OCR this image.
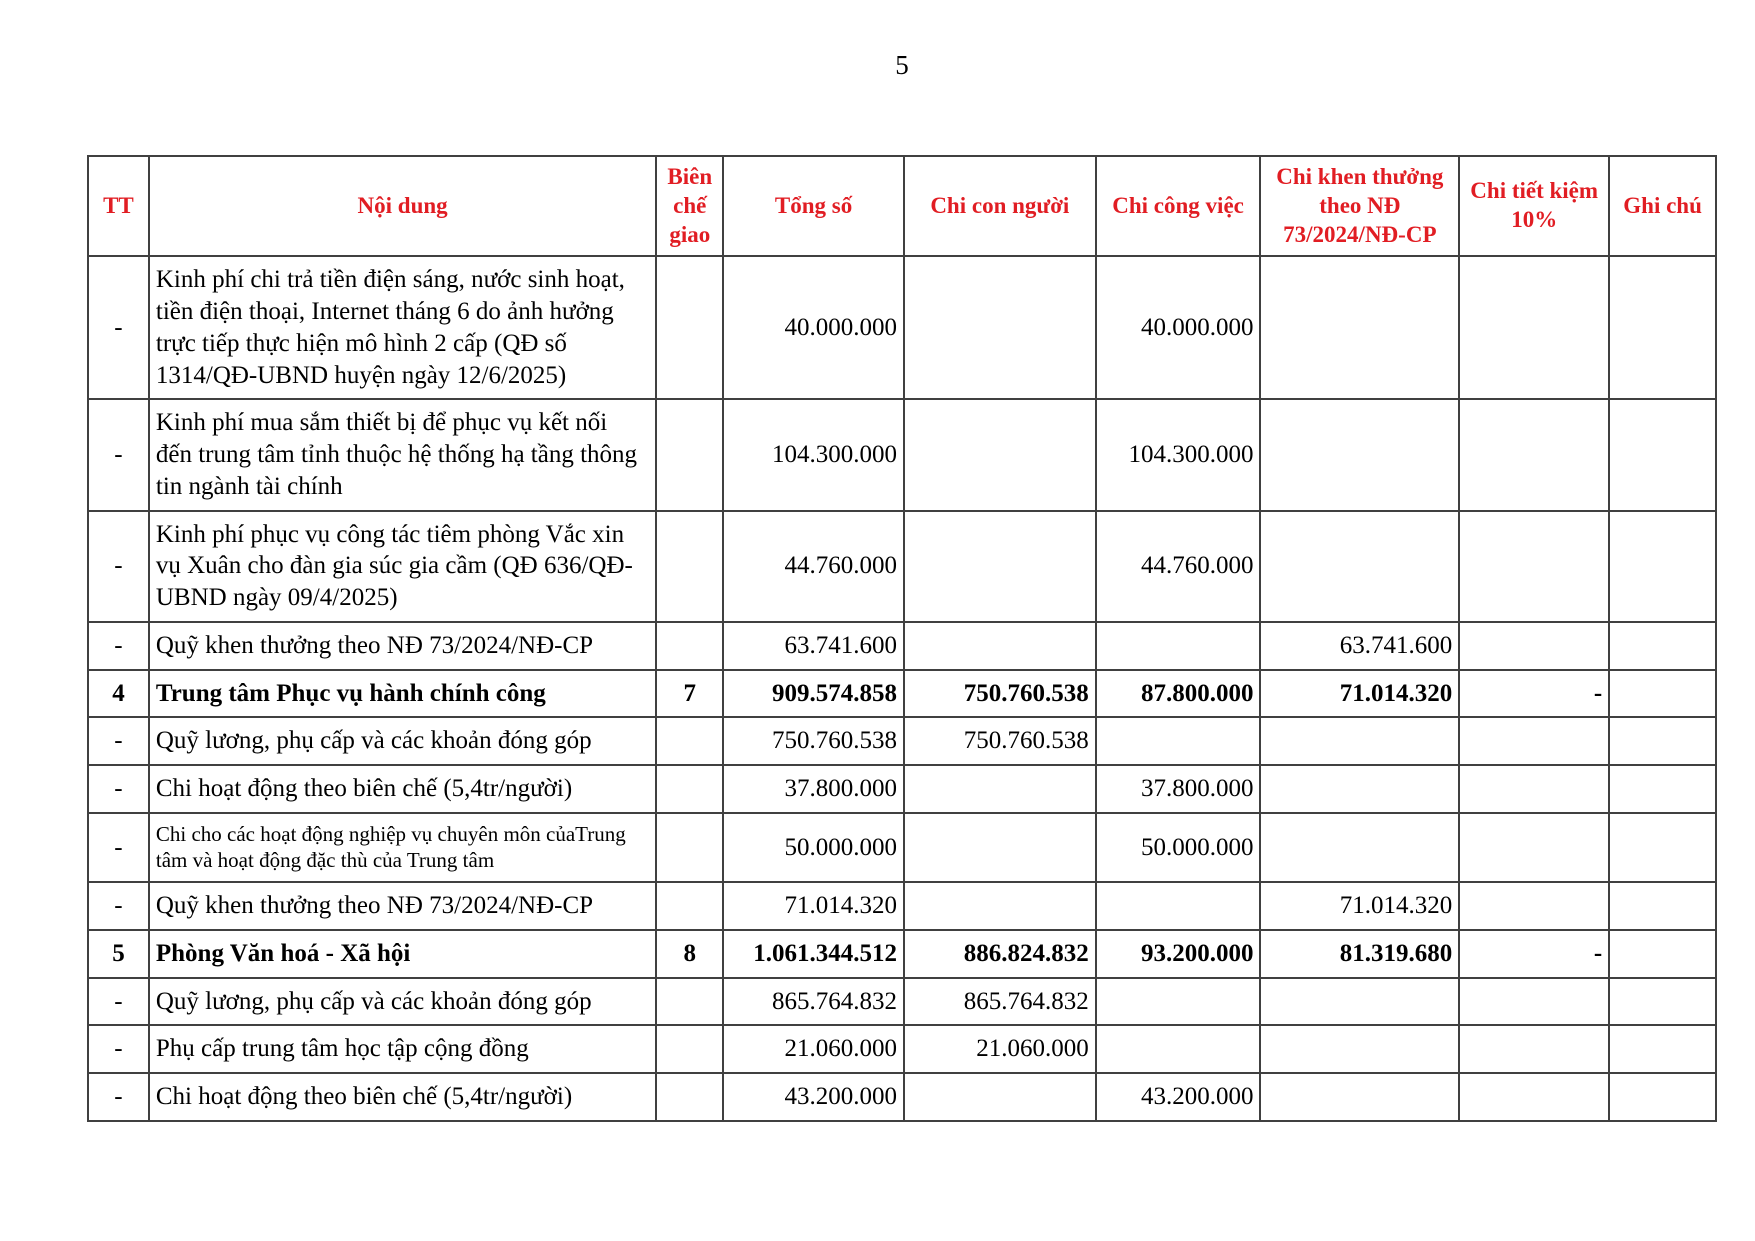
5
TT	Nội dung	Biên chế giao	Tổng số	Chi con người	Chi công việc	Chi khen thưởng theo NĐ 73/2024/NĐ-CP	Chi tiết kiệm 10%	Ghi chú
-	Kinh phí chi trả tiền điện sáng, nước sinh hoạt, tiền điện thoại, Internet tháng 6 do ảnh hưởng trực tiếp thực hiện mô hình 2 cấp (QĐ số 1314/QĐ-UBND huyện ngày 12/6/2025)		40.000.000		40.000.000			
-	Kinh phí mua sắm thiết bị để phục vụ kết nối đến trung tâm tỉnh thuộc hệ thống hạ tầng thông tin ngành tài chính		104.300.000		104.300.000			
-	Kinh phí phục vụ công tác tiêm phòng Vắc xin vụ Xuân cho đàn gia súc gia cầm (QĐ 636/QĐ-UBND ngày 09/4/2025)		44.760.000		44.760.000			
-	Quỹ khen thưởng theo NĐ 73/2024/NĐ-CP		63.741.600			63.741.600		
4	Trung tâm Phục vụ hành chính công	7	909.574.858	750.760.538	87.800.000	71.014.320	-	
-	Quỹ lương, phụ cấp và các khoản đóng góp		750.760.538	750.760.538				
-	Chi hoạt động theo biên chế (5,4tr/người)		37.800.000		37.800.000			
-	Chi cho các hoạt động nghiệp vụ chuyên môn củaTrung tâm và hoạt động đặc thù của Trung tâm		50.000.000		50.000.000			
-	Quỹ khen thưởng theo NĐ 73/2024/NĐ-CP		71.014.320			71.014.320		
5	Phòng Văn hoá - Xã hội	8	1.061.344.512	886.824.832	93.200.000	81.319.680	-	
-	Quỹ lương, phụ cấp và các khoản đóng góp		865.764.832	865.764.832				
-	Phụ cấp trung tâm học tập cộng đồng		21.060.000	21.060.000				
-	Chi hoạt động theo biên chế (5,4tr/người)		43.200.000		43.200.000			
